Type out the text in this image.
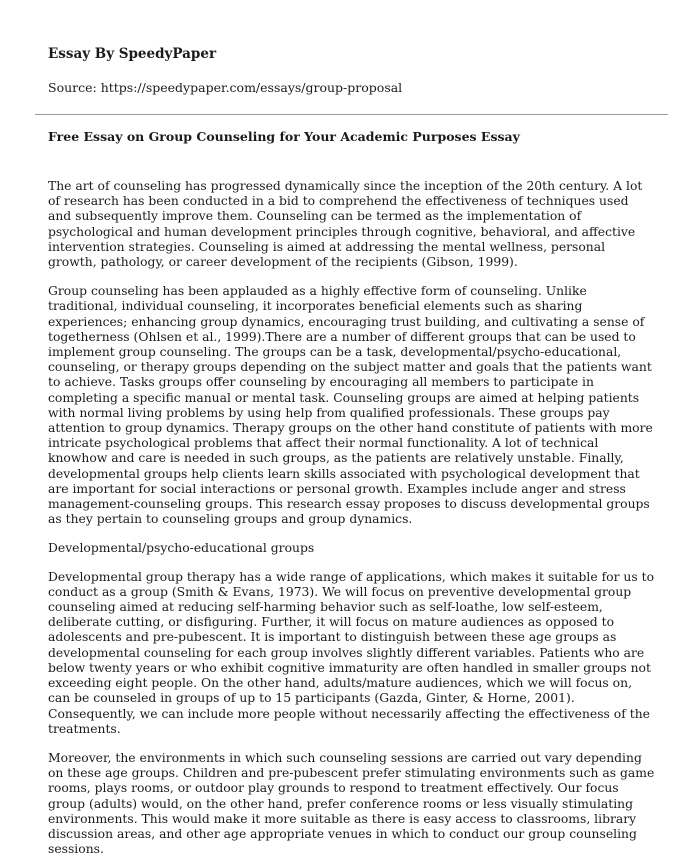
Essay By SpeedyPaper
Source: https://speedypaper.com/essays/group-proposal
Free Essay on Group Counseling for Your Academic Purposes Essay

The art of counseling has progressed dynamically since the inception of the 20th century. A lot of research has been conducted in a bid to comprehend the effectiveness of techniques used and subsequently improve them. Counseling can be termed as the implementation of psychological and human development principles through cognitive, behavioral, and affective intervention strategies. Counseling is aimed at addressing the mental wellness, personal growth, pathology, or career development of the recipients (Gibson, 1999).

Group counseling has been applauded as a highly effective form of counseling. Unlike traditional, individual counseling, it incorporates beneficial elements such as sharing experiences; enhancing group dynamics, encouraging trust building, and cultivating a sense of togetherness (Ohlsen et al., 1999).There are a number of different groups that can be used to implement group counseling. The groups can be a task, developmental/psycho-educational, counseling, or therapy groups depending on the subject matter and goals that the patients want to achieve. Tasks groups offer counseling by encouraging all members to participate in completing a specific manual or mental task. Counseling groups are aimed at helping patients with normal living problems by using help from qualified professionals. These groups pay attention to group dynamics. Therapy groups on the other hand constitute of patients with more intricate psychological problems that affect their normal functionality. A lot of technical knowhow and care is needed in such groups, as the patients are relatively unstable. Finally, developmental groups help clients learn skills associated with psychological development that are important for social interactions or personal growth. Examples include anger and stress management-counseling groups. This research essay proposes to discuss developmental groups as they pertain to counseling groups and group dynamics.

Developmental/psycho-educational groups

Developmental group therapy has a wide range of applications, which makes it suitable for us to conduct as a group (Smith & Evans, 1973). We will focus on preventive developmental group counseling aimed at reducing self-harming behavior such as self-loathe, low self-esteem, deliberate cutting, or disfiguring. Further, it will focus on mature audiences as opposed to adolescents and pre-pubescent. It is important to distinguish between these age groups as developmental counseling for each group involves slightly different variables. Patients who are below twenty years or who exhibit cognitive immaturity are often handled in smaller groups not exceeding eight people. On the other hand, adults/mature audiences, which we will focus on, can be counseled in groups of up to 15 participants (Gazda, Ginter, & Horne, 2001). Consequently, we can include more people without necessarily affecting the effectiveness of the treatments.

Moreover, the environments in which such counseling sessions are carried out vary depending on these age groups. Children and pre-pubescent prefer stimulating environments such as game rooms, plays rooms, or outdoor play grounds to respond to treatment effectively. Our focus group (adults) would, on the other hand, prefer conference rooms or less visually stimulating environments. This would make it more suitable as there is easy access to classrooms, library discussion areas, and other age appropriate venues in which to conduct our group counseling sessions.
